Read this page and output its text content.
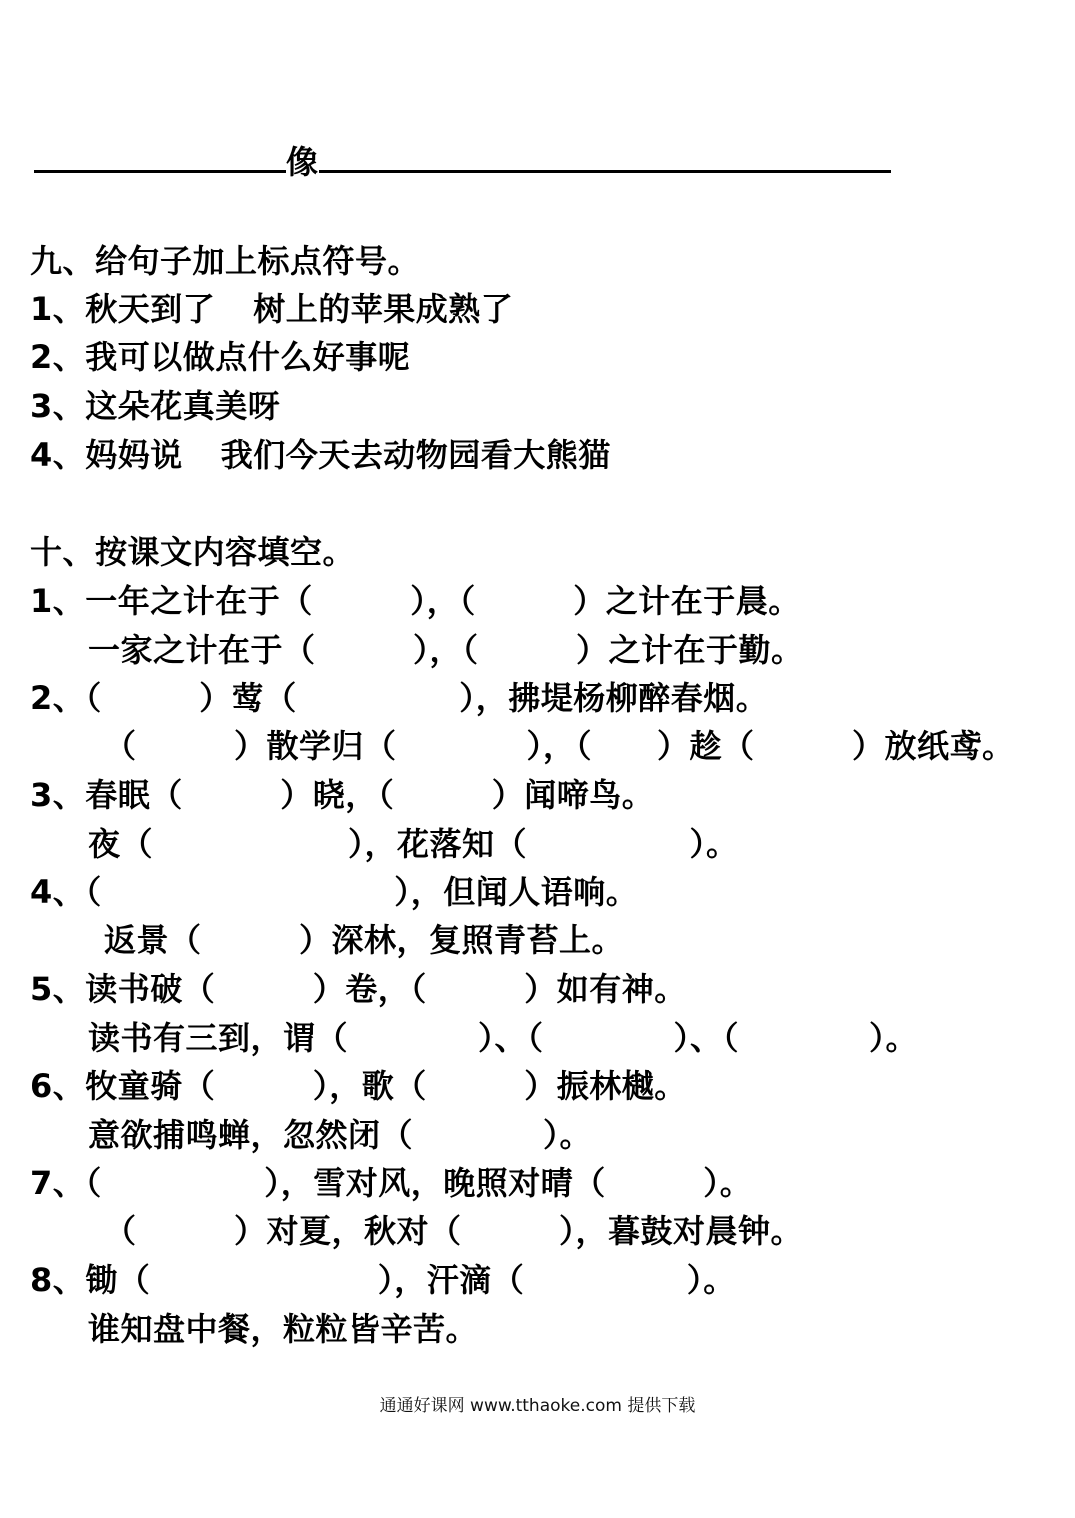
像
九、给句子加上标点符号。
1、秋天到了 树上的苹果成熟了
2、我可以做点什么好事呢
3、这朵花真美呀
4、妈妈说 我们今天去动物园看大熊猫
十、按课文内容填空。
1、一年之计在于（　　　），（　　　）之计在于晨。
一家之计在于（　　　），（　　　）之计在于勤。
2、（　　　）莺（　　　　　），拂堤杨柳醉春烟。
（　　　）散学归（　　　　），（　　）趁（　　　）放纸鸢。
3、春眠（　　　）晓，（　　　）闻啼鸟。
夜（　　　　　　），花落知（　　　　　）。
4、（　　　　　　　　　），但闻人语响。
返景（　　　）深林，复照青苔上。
5、读书破（　　　）卷，（　　　）如有神。
读书有三到，谓（　　　　）、（　　　　）、（　　　　）。
6、牧童骑（　　　），歌（　　　）振林樾。
意欲捕鸣蝉，忽然闭（　　　　）。
7、（　　　　　），雪对风，晚照对晴（　　　）。
（　　　）对夏，秋对（　　　），暮鼓对晨钟。
8、锄（　　　　　　　），汗滴（　　　　　）。
谁知盘中餐，粒粒皆辛苦。
通通好课网 www.tthaoke.com 提供下载
